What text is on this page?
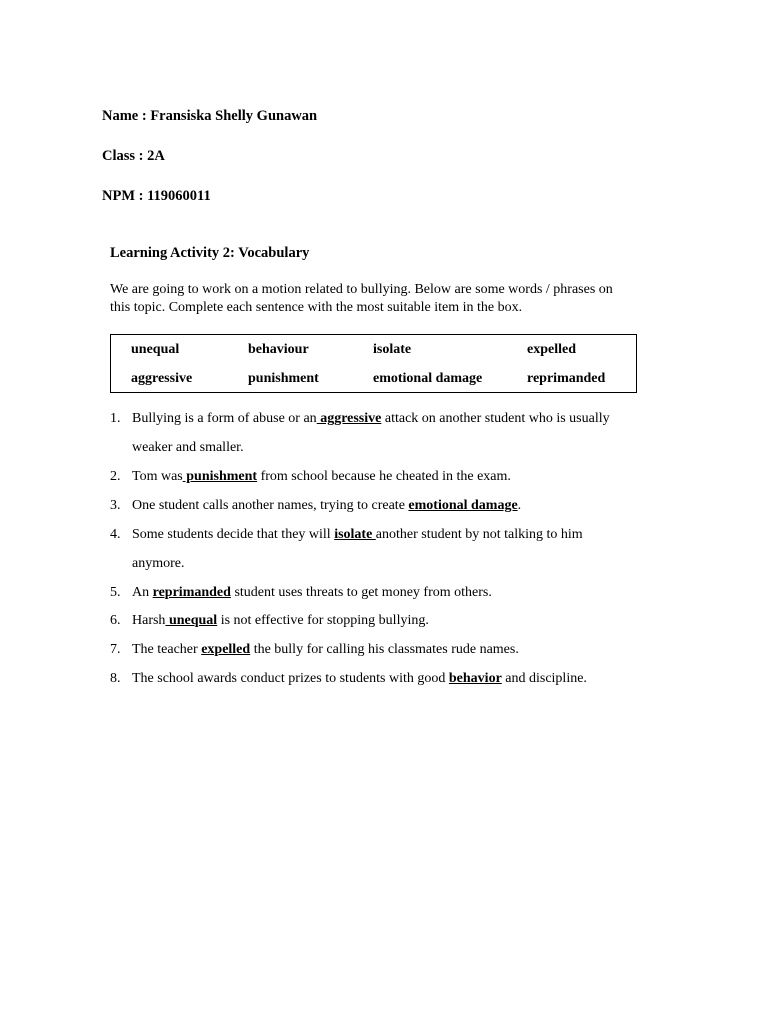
Name : Fransiska Shelly Gunawan
Class : 2A
NPM : 119060011
Learning Activity 2: Vocabulary
We are going to work on a motion related to bullying. Below are some words / phrases on
this topic. Complete each sentence with the most suitable item in the box.
unequal	behaviour	isolate	expelled
aggressive	punishment	emotional damage	reprimanded
1. Bullying is a form of abuse or an aggressive attack on another student who is usually
weaker and smaller.
2. Tom was punishment from school because he cheated in the exam.
3. One student calls another names, trying to create emotional damage.
4. Some students decide that they will isolate another student by not talking to him
anymore.
5. An reprimanded student uses threats to get money from others.
6. Harsh unequal is not effective for stopping bullying.
7. The teacher expelled the bully for calling his classmates rude names.
8. The school awards conduct prizes to students with good behavior and discipline.
